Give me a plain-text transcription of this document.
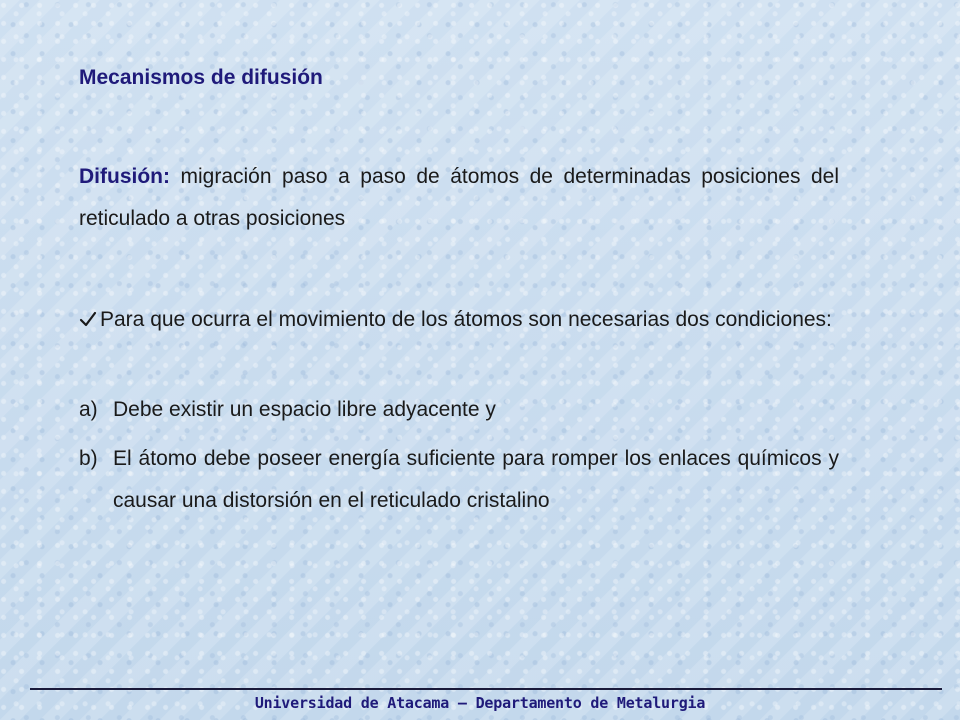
Mecanismos de difusión

Difusión: migración paso a paso de átomos de determinadas posiciones del reticulado a otras posiciones

Para que ocurra el movimiento de los átomos son necesarias dos condiciones:

a) Debe existir un espacio libre adyacente y
b) El átomo debe poseer energía suficiente para romper los enlaces químicos y causar una distorsión en el reticulado cristalino
Universidad de Atacama – Departamento de Metalurgia
